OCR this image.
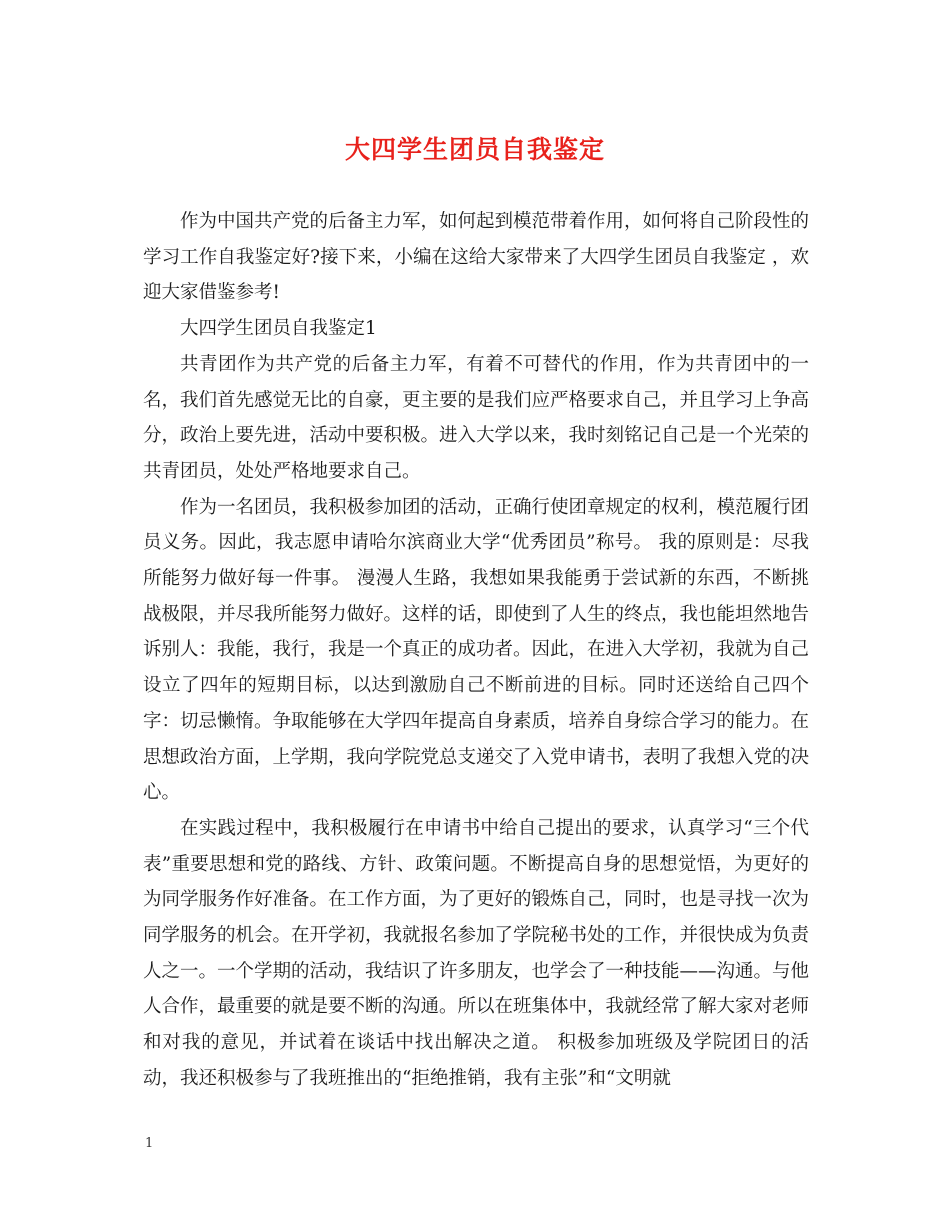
大四学生团员自我鉴定

作为中国共产党的后备主力军，如何起到模范带着作用，如何将自己阶段性的学习工作自我鉴定好?接下来，小编在这给大家带来了大四学生团员自我鉴定 ，欢迎大家借鉴参考!

大四学生团员自我鉴定1

共青团作为共产党的后备主力军，有着不可替代的作用，作为共青团中的一名，我们首先感觉无比的自豪，更主要的是我们应严格要求自己，并且学习上争高分，政治上要先进，活动中要积极。进入大学以来，我时刻铭记自己是一个光荣的共青团员，处处严格地要求自己。

作为一名团员，我积极参加团的活动，正确行使团章规定的权利，模范履行团员义务。因此，我志愿申请哈尔滨商业大学“优秀团员”称号。 我的原则是：尽我所能努力做好每一件事。 漫漫人生路，我想如果我能勇于尝试新的东西，不断挑战极限，并尽我所能努力做好。这样的话，即使到了人生的终点，我也能坦然地告诉别人：我能，我行，我是一个真正的成功者。因此，在进入大学初，我就为自己设立了四年的短期目标，以达到激励自己不断前进的目标。同时还送给自己四个字：切忌懒惰。争取能够在大学四年提高自身素质，培养自身综合学习的能力。在思想政治方面，上学期，我向学院党总支递交了入党申请书，表明了我想入党的决心。

在实践过程中，我积极履行在申请书中给自己提出的要求，认真学习“三个代表”重要思想和党的路线、方针、政策问题。不断提高自身的思想觉悟，为更好的为同学服务作好准备。在工作方面，为了更好的锻炼自己，同时，也是寻找一次为同学服务的机会。在开学初，我就报名参加了学院秘书处的工作，并很快成为负责人之一。一个学期的活动，我结识了许多朋友，也学会了一种技能——沟通。与他人合作，最重要的就是要不断的沟通。所以在班集体中，我就经常了解大家对老师和对我的意见，并试着在谈话中找出解决之道。 积极参加班级及学院团日的活动，我还积极参与了我班推出的“拒绝推销，我有主张”和“文明就

1
